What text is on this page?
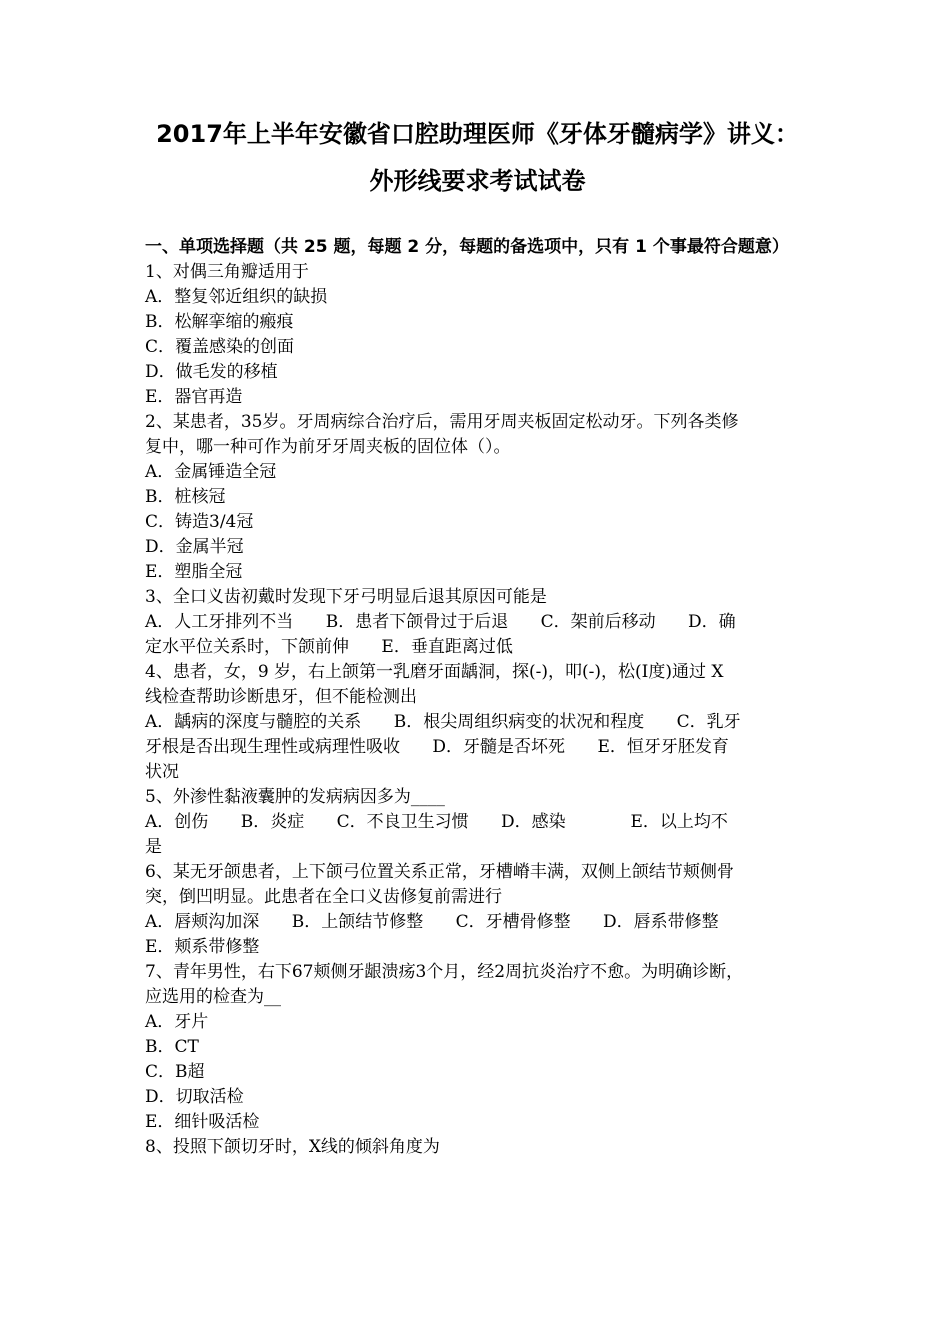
2017年上半年安徽省口腔助理医师《牙体牙髓病学》讲义：
外形线要求考试试卷
一、单项选择题（共 25 题，每题 2 分，每题的备选项中，只有 1 个事最符合题意）
1、对偶三角瓣适用于
A．整复邻近组织的缺损
B．松解挛缩的瘢痕
C．覆盖感染的创面
D．做毛发的移植
E．器官再造
2、某患者，35岁。牙周病综合治疗后，需用牙周夹板固定松动牙。下列各类修
复中，哪一种可作为前牙牙周夹板的固位体（）。
A．金属锤造全冠
B．桩核冠
C．铸造3/4冠
D．金属半冠
E．塑脂全冠
3、全口义齿初戴时发现下牙弓明显后退其原因可能是
A．人工牙排列不当      B．患者下颌骨过于后退      C．架前后移动      D．确
定水平位关系时，下颌前伸      E．垂直距离过低
4、患者，女，9 岁，右上颌第一乳磨牙面龋洞，探(-)，叩(-)，松(Ⅰ度)通过 X
线检查帮助诊断患牙，但不能检测出
A．龋病的深度与髓腔的关系      B．根尖周组织病变的状况和程度      C．乳牙
牙根是否出现生理性或病理性吸收      D．牙髓是否坏死      E．恒牙牙胚发育
状况
5、外渗性黏液囊肿的发病病因多为____
A．创伤      B．炎症      C．不良卫生习惯      D．感染            E．以上均不
是
6、某无牙颌患者，上下颌弓位置关系正常，牙槽嵴丰满，双侧上颌结节颊侧骨
突，倒凹明显。此患者在全口义齿修复前需进行
A．唇颊沟加深      B．上颌结节修整      C．牙槽骨修整      D．唇系带修整
E．颊系带修整
7、青年男性，右下67颊侧牙龈溃疡3个月，经2周抗炎治疗不愈。为明确诊断，
应选用的检查为__
A．牙片
B．CT
C．B超
D．切取活检
E．细针吸活检
8、投照下颌切牙时，X线的倾斜角度为
